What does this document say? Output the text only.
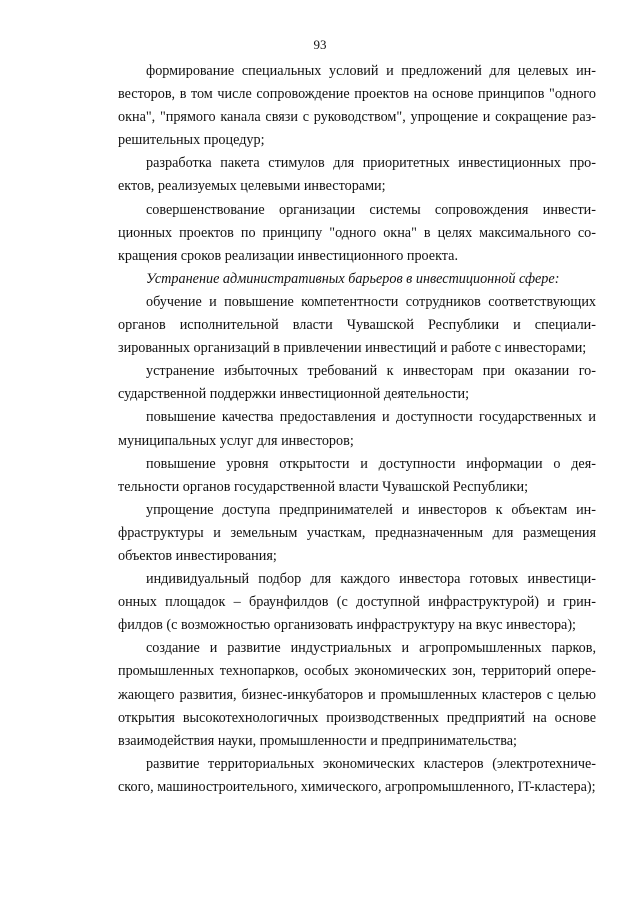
93

формирование специальных условий и предложений для целевых инвесторов, в том числе сопровождение проектов на основе принципов "одного окна", "прямого канала связи с руководством", упрощение и сокращение разрешительных процедур;

разработка пакета стимулов для приоритетных инвестиционных проектов, реализуемых целевыми инвесторами;

совершенствование организации системы сопровождения инвестиционных проектов по принципу "одного окна" в целях максимального сокращения сроков реализации инвестиционного проекта.

Устранение административных барьеров в инвестиционной сфере:

обучение и повышение компетентности сотрудников соответствующих органов исполнительной власти Чувашской Республики и специализированных организаций в привлечении инвестиций и работе с инвесторами;

устранение избыточных требований к инвесторам при оказании государственной поддержки инвестиционной деятельности;

повышение качества предоставления и доступности государственных и муниципальных услуг для инвесторов;

повышение уровня открытости и доступности информации о деятельности органов государственной власти Чувашской Республики;

упрощение доступа предпринимателей и инвесторов к объектам инфраструктуры и земельным участкам, предназначенным для размещения объектов инвестирования;

индивидуальный подбор для каждого инвестора готовых инвестиционных площадок – браунфилдов (с доступной инфраструктурой) и гринфилдов (с возможностью организовать инфраструктуру на вкус инвестора);

создание и развитие индустриальных и агропромышленных парков, промышленных технопарков, особых экономических зон, территорий опережающего развития, бизнес-инкубаторов и промышленных кластеров с целью открытия высокотехнологичных производственных предприятий на основе взаимодействия науки, промышленности и предпринимательства;

развитие территориальных экономических кластеров (электротехнического, машиностроительного, химического, агропромышленного, IT-кластера);
